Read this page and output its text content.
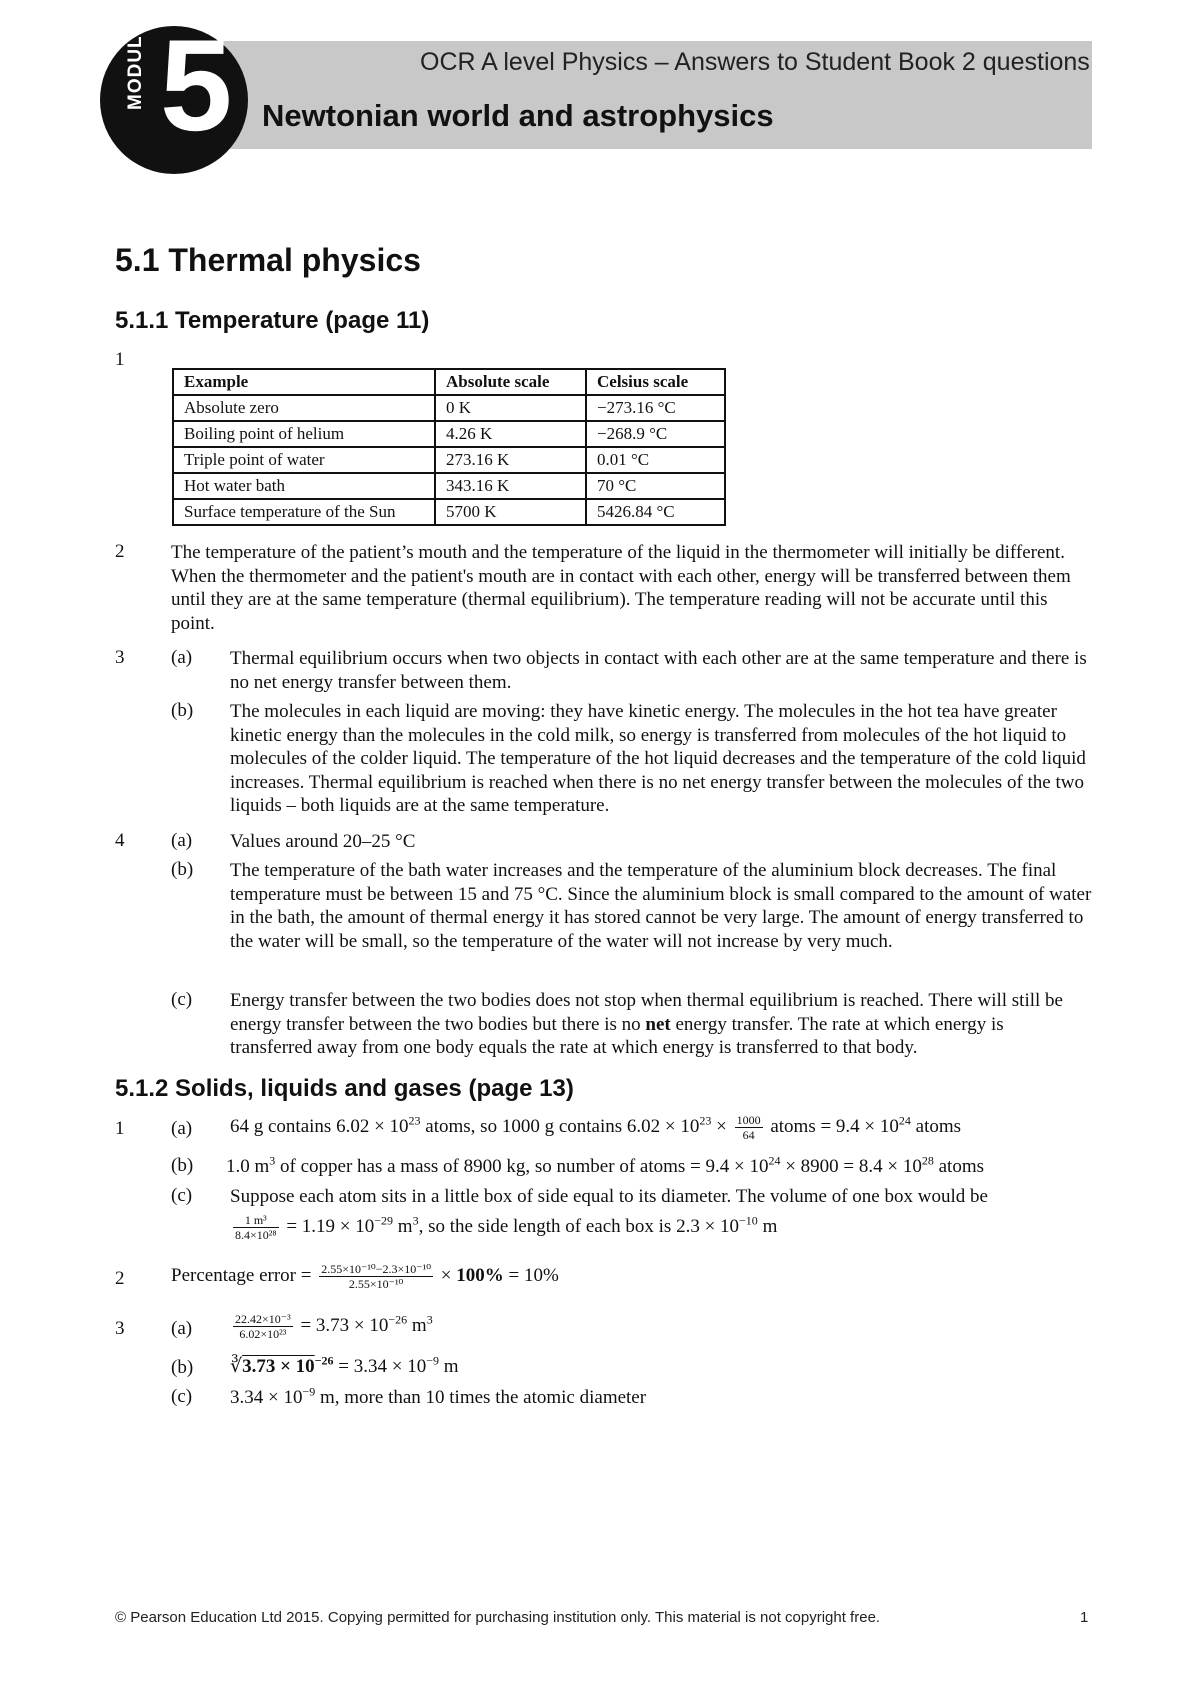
OCR A level Physics – Answers to Student Book 2 questions
Newtonian world and astrophysics
MODULE 5
5.1 Thermal physics
5.1.1 Temperature (page 11)
1
Example	Absolute scale	Celsius scale
Absolute zero	0 K	−273.16 °C
Boiling point of helium	4.26 K	−268.9 °C
Triple point of water	273.16 K	0.01 °C
Hot water bath	343.16 K	70 °C
Surface temperature of the Sun	5700 K	5426.84 °C
2 The temperature of the patient’s mouth and the temperature of the liquid in the thermometer will initially be different. When the thermometer and the patient's mouth are in contact with each other, energy will be transferred between them until they are at the same temperature (thermal equilibrium). The temperature reading will not be accurate until this point.
3 (a) Thermal equilibrium occurs when two objects in contact with each other are at the same temperature and there is no net energy transfer between them.
(b) The molecules in each liquid are moving: they have kinetic energy. The molecules in the hot tea have greater kinetic energy than the molecules in the cold milk, so energy is transferred from molecules of the hot liquid to molecules of the colder liquid. The temperature of the hot liquid decreases and the temperature of the cold liquid increases. Thermal equilibrium is reached when there is no net energy transfer between the molecules of the two liquids – both liquids are at the same temperature.
4 (a) Values around 20–25 °C
(b) The temperature of the bath water increases and the temperature of the aluminium block decreases. The final temperature must be between 15 and 75 °C. Since the aluminium block is small compared to the amount of water in the bath, the amount of thermal energy it has stored cannot be very large. The amount of energy transferred to the water will be small, so the temperature of the water will not increase by very much.
(c) Energy transfer between the two bodies does not stop when thermal equilibrium is reached. There will still be energy transfer between the two bodies but there is no net energy transfer. The rate at which energy is transferred away from one body equals the rate at which energy is transferred to that body.
5.1.2 Solids, liquids and gases (page 13)
1 (a) 64 g contains $6.02 \times 10^{23}$ atoms, so 1000 g contains $6.02 \times 10^{23} \times \frac{1000}{64}$ atoms = $9.4 \times 10^{24}$ atoms
(b) 1.0 $m^3$ of copper has a mass of 8900 kg, so number of atoms = $9.4 \times 10^{24} \times 8900 = 8.4 \times 10^{28}$ atoms
(c) Suppose each atom sits in a little box of side equal to its diameter. The volume of one box would be
$\frac{\text{1 m³}}{\text{8.4×10²⁸}} = 1.19 \times 10^{-29}$ $m^3$, so the side length of each box is $2.3 \times 10^{-10}$ m
2 Percentage error = $\frac{\text{2.55×10⁻¹⁰−2.3×10⁻¹⁰}}{\text{2.55×10⁻¹⁰}} \times 100\% = 10\%$
3 (a)	$\frac{\text{22.42×10⁻³}}{\text{6.02×10²³}} = 3.73 \times 10^{-26}$ $m^3$
(b) ∛3.73 × $10^{-26} = 3.34 \times 10^{-9}$ m
(c) $3.34 \times 10^{-9}$ m, more than 10 times the atomic diameter
© Pearson Education Ltd 2015. Copying permitted for purchasing institution only. This material is not copyright free.	1
